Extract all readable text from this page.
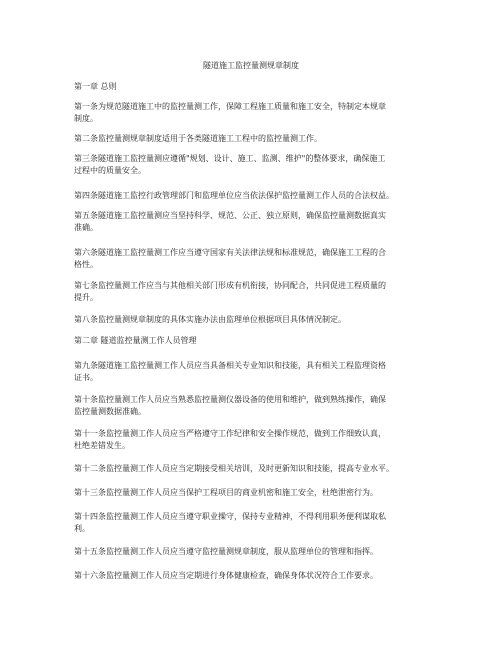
隧道施工监控量测规章制度
第一章 总则
第一条为规范隧道施工中的监控量测工作，保障工程施工质量和施工安全，特制定本规章
制度。
第二条监控量测规章制度适用于各类隧道施工工程中的监控量测工作。
第三条隧道施工监控量测应遵循"规划、设计、施工、监测、维护"的整体要求，确保施工
过程中的质量安全。
第四条隧道施工监控行政管理部门和监理单位应当依法保护监控量测工作人员的合法权益。
第五条隧道施工监控量测应当坚持科学、规范、公正、独立原则，确保监控量测数据真实
准确。
第六条隧道施工监控量测工作应当遵守国家有关法律法规和标准规范，确保施工工程的合
格性。
第七条监控量测工作应当与其他相关部门形成有机衔接，协同配合，共同促进工程质量的
提升。
第八条监控量测规章制度的具体实施办法由监理单位根据项目具体情况制定。
第二章 隧道监控量测工作人员管理
第九条隧道施工监控量测工作人员应当具备相关专业知识和技能，具有相关工程监理资格
证书。
第十条监控量测工作人员应当熟悉监控量测仪器设备的使用和维护，做到熟练操作，确保
监控量测数据准确。
第十一条监控量测工作人员应当严格遵守工作纪律和安全操作规范，做到工作细致认真，
杜绝差错发生。
第十二条监控量测工作人员应当定期接受相关培训，及时更新知识和技能，提高专业水平。
第十三条监控量测工作人员应当保护工程项目的商业机密和施工安全，杜绝泄密行为。
第十四条监控量测工作人员应当遵守职业操守，保持专业精神，不得利用职务便利谋取私
利。
第十五条监控量测工作人员应当遵守监控量测规章制度，服从监理单位的管理和指挥。
第十六条监控量测工作人员应当定期进行身体健康检查，确保身体状况符合工作要求。
